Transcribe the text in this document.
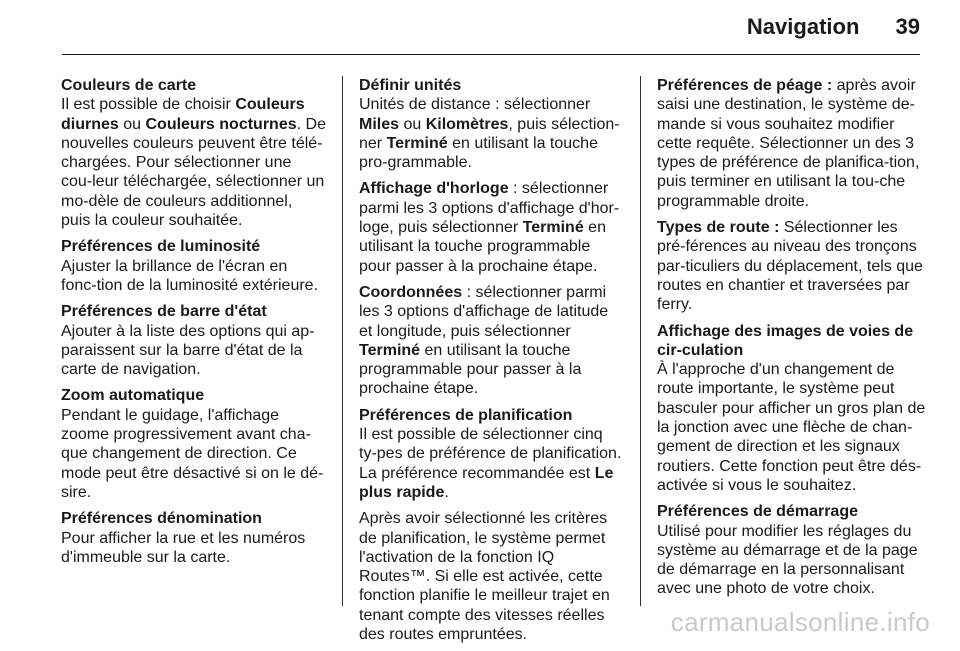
Navigation 39
Couleurs de carte
Il est possible de choisir Couleurs diurnes ou Couleurs nocturnes. De nouvelles couleurs peuvent être télé-chargées. Pour sélectionner une cou-leur téléchargée, sélectionner un mo-dèle de couleurs additionnel, puis la couleur souhaitée.
Préférences de luminosité
Ajuster la brillance de l'écran en fonc-tion de la luminosité extérieure.
Préférences de barre d'état
Ajouter à la liste des options qui ap-paraissent sur la barre d'état de la carte de navigation.
Zoom automatique
Pendant le guidage, l'affichage zoome progressivement avant cha-que changement de direction. Ce mode peut être désactivé si on le dé-sire.
Préférences dénomination
Pour afficher la rue et les numéros d'immeuble sur la carte.
Définir unités
Unités de distance : sélectionner Miles ou Kilomètres, puis sélection-ner Terminé en utilisant la touche pro-grammable.

Affichage d'horloge : sélectionner parmi les 3 options d'affichage d'hor-loge, puis sélectionner Terminé en utilisant la touche programmable pour passer à la prochaine étape.

Coordonnées : sélectionner parmi les 3 options d'affichage de latitude et longitude, puis sélectionner Terminé en utilisant la touche programmable pour passer à la prochaine étape.

Préférences de planification
Il est possible de sélectionner cinq ty-pes de préférence de planification. La préférence recommandée est Le plus rapide.

Après avoir sélectionné les critères de planification, le système permet l'activation de la fonction IQ Routes™. Si elle est activée, cette fonction planifie le meilleur trajet en tenant compte des vitesses réelles des routes empruntées.

Préférences de péage : après avoir saisi une destination, le système de-mande si vous souhaitez modifier cette requête. Sélectionner un des 3 types de préférence de planifica-tion, puis terminer en utilisant la tou-che programmable droite.

Types de route : Sélectionner les pré-férences au niveau des tronçons par-ticuliers du déplacement, tels que routes en chantier et traversées par ferry.

Affichage des images de voies de cir-culation
À l'approche d'un changement de route importante, le système peut basculer pour afficher un gros plan de la jonction avec une flèche de chan-gement de direction et les signaux routiers. Cette fonction peut être dés-activée si vous le souhaitez.
Préférences de démarrage
Utilisé pour modifier les réglages du système au démarrage et de la page de démarrage en la personnalisant avec une photo de votre choix.
carmanualsonline.info
